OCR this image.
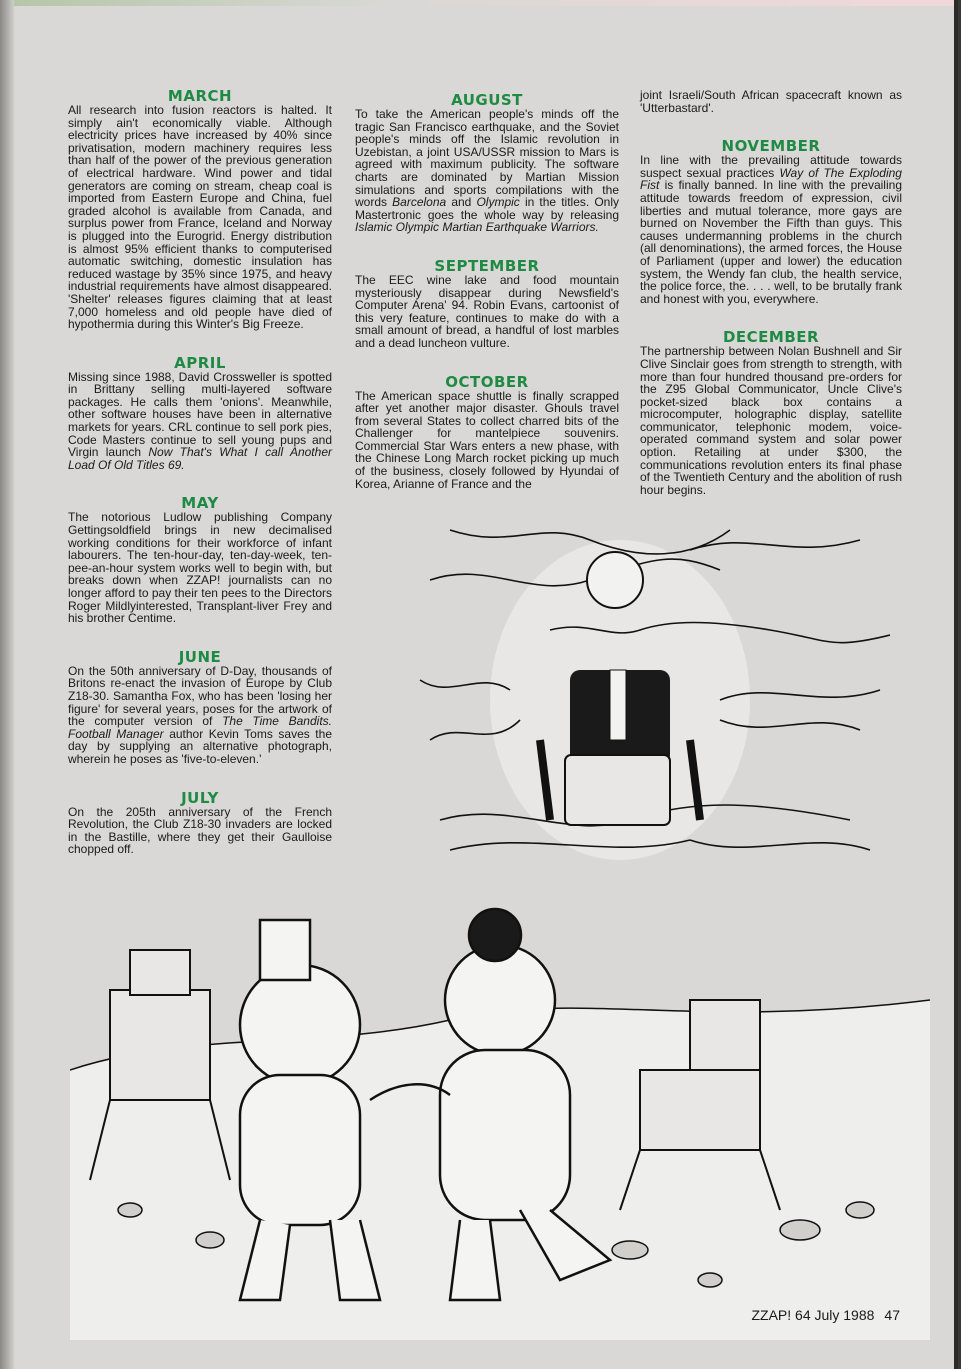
MARCH

All research into fusion reactors is halted. It simply ain't economically viable. Although electricity prices have increased by 40% since privatisation, modern machinery requires less than half of the power of the previous generation of electrical hardware. Wind power and tidal generators are coming on stream, cheap coal is imported from Eastern Europe and China, fuel graded alcohol is available from Canada, and surplus power from France, Iceland and Norway is plugged into the Eurogrid. Energy distribution is almost 95% efficient thanks to computerised automatic switching, domestic insulation has reduced wastage by 35% since 1975, and heavy industrial requirements have almost disappeared. 'Shelter' releases figures claiming that at least 7,000 homeless and old people have died of hypothermia during this Winter's Big Freeze.

APRIL

Missing since 1988, David Crossweller is spotted in Brittany selling multi-layered software packages. He calls them 'onions'. Meanwhile, other software houses have been in alternative markets for years. CRL continue to sell pork pies, Code Masters continue to sell young pups and Virgin launch Now That's What I call Another Load Of Old Titles 69.

MAY

The notorious Ludlow publishing Company Gettingsoldfield brings in new decimalised working conditions for their workforce of infant labourers. The ten-hour-day, ten-day-week, ten-pee-an-hour system works well to begin with, but breaks down when ZZAP! journalists can no longer afford to pay their ten pees to the Directors Roger Mildlyinterested, Transplant-liver Frey and his brother Centime.

JUNE

On the 50th anniversary of D-Day, thousands of Britons re-enact the invasion of Europe by Club Z18-30. Samantha Fox, who has been 'losing her figure' for several years, poses for the artwork of the computer version of The Time Bandits. Football Manager author Kevin Toms saves the day by supplying an alternative photograph, wherein he poses as 'five-to-eleven.'

JULY

On the 205th anniversary of the French Revolution, the Club Z18-30 invaders are locked in the Bastille, where they get their Gaulloise chopped off.

AUGUST

To take the American people's minds off the tragic San Francisco earthquake, and the Soviet people's minds off the Islamic revolution in Uzebistan, a joint USA/USSR mission to Mars is agreed with maximum publicity. The software charts are dominated by Martian Mission simulations and sports compilations with the words Barcelona and Olympic in the titles. Only Mastertronic goes the whole way by releasing Islamic Olympic Martian Earthquake Warriors.

SEPTEMBER

The EEC wine lake and food mountain mysteriously disappear during Newsfield's Computer Arena' 94. Robin Evans, cartoonist of this very feature, continues to make do with a small amount of bread, a handful of lost marbles and a dead luncheon vulture.

OCTOBER

The American space shuttle is finally scrapped after yet another major disaster. Ghouls travel from several States to collect charred bits of the Challenger for mantelpiece souvenirs. Commercial Star Wars enters a new phase, with the Chinese Long March rocket picking up much of the business, closely followed by Hyundai of Korea, Arianne of France and the

joint Israeli/South African spacecraft known as 'Utterbastard'.

NOVEMBER

In line with the prevailing attitude towards suspect sexual practices Way of The Exploding Fist is finally banned. In line with the prevailing attitude towards freedom of expression, civil liberties and mutual tolerance, more gays are burned on November the Fifth than guys. This causes undermanning problems in the church (all denominations), the armed forces, the House of Parliament (upper and lower) the education system, the Wendy fan club, the health service, the police force, the. . . . well, to be brutally frank and honest with you, everywhere.

DECEMBER

The partnership between Nolan Bushnell and Sir Clive Sinclair goes from strength to strength, with more than four hundred thousand pre-orders for the Z95 Global Communicator, Uncle Clive's pocket-sized black box contains a microcomputer, holographic display, satellite communicator, telephonic modem, voice-operated command system and solar power option. Retailing at under $300, the communications revolution enters its final phase of the Twentieth Century and the abolition of rush hour begins.

ZZAP! 64 July 1988 47
